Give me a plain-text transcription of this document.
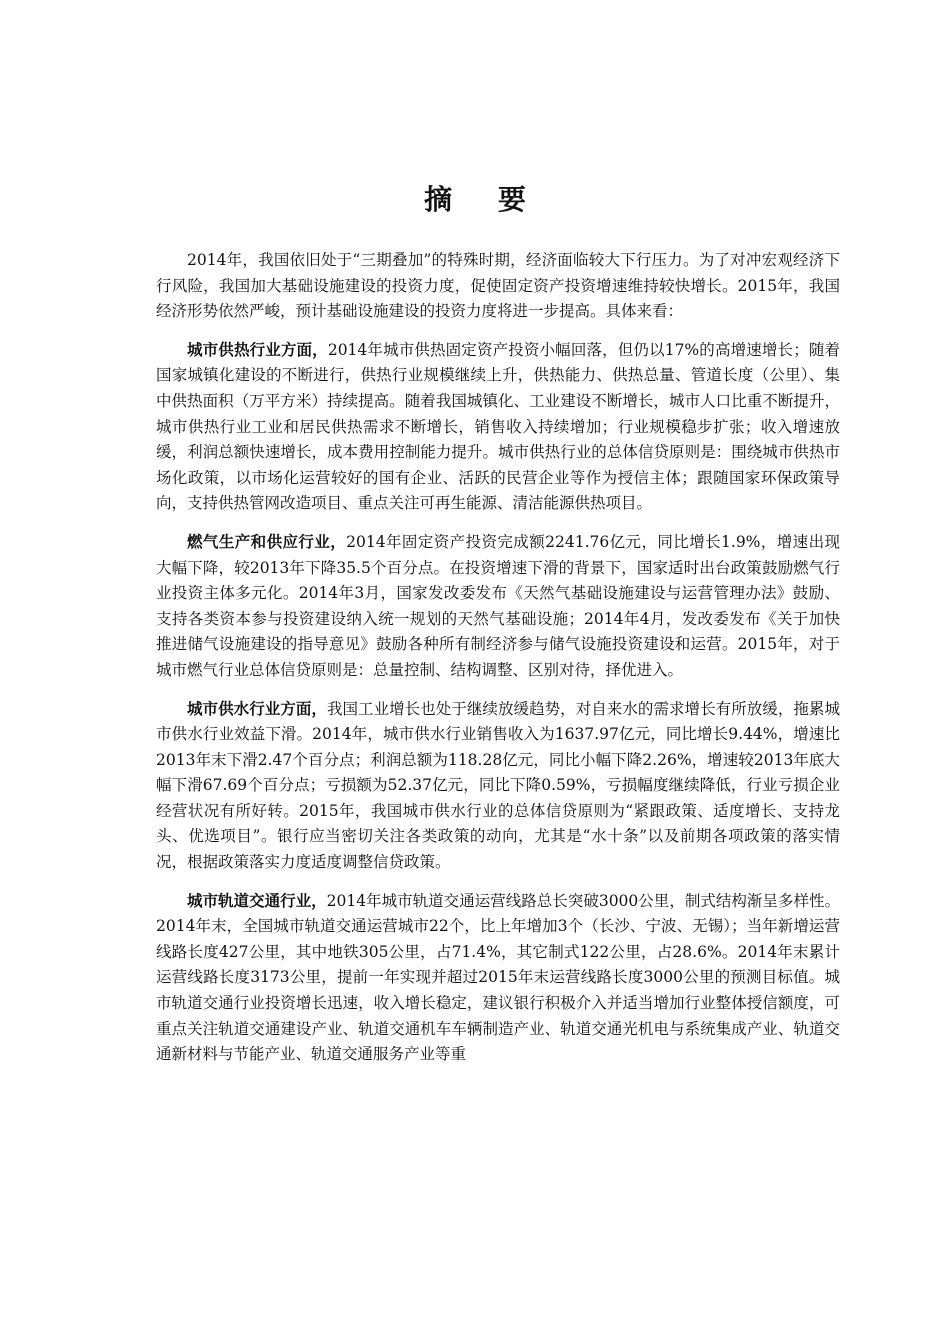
摘 要

2014年，我国依旧处于“三期叠加”的特殊时期，经济面临较大下行压力。为了对冲宏观经济下行风险，我国加大基础设施建设的投资力度，促使固定资产投资增速维持较快增长。2015年，我国经济形势依然严峻，预计基础设施建设的投资力度将进一步提高。具体来看：

城市供热行业方面，2014年城市供热固定资产投资小幅回落，但仍以17%的高增速增长；随着国家城镇化建设的不断进行，供热行业规模继续上升，供热能力、供热总量、管道长度（公里）、集中供热面积（万平方米）持续提高。随着我国城镇化、工业建设不断增长，城市人口比重不断提升，城市供热行业工业和居民供热需求不断增长，销售收入持续增加；行业规模稳步扩张；收入增速放缓，利润总额快速增长，成本费用控制能力提升。城市供热行业的总体信贷原则是：围绕城市供热市场化政策，以市场化运营较好的国有企业、活跃的民营企业等作为授信主体；跟随国家环保政策导向，支持供热管网改造项目、重点关注可再生能源、清洁能源供热项目。

燃气生产和供应行业，2014年固定资产投资完成额2241.76亿元，同比增长1.9%，增速出现大幅下降，较2013年下降35.5个百分点。在投资增速下滑的背景下，国家适时出台政策鼓励燃气行业投资主体多元化。2014年3月，国家发改委发布《天然气基础设施建设与运营管理办法》鼓励、支持各类资本参与投资建设纳入统一规划的天然气基础设施；2014年4月，发改委发布《关于加快推进储气设施建设的指导意见》鼓励各种所有制经济参与储气设施投资建设和运营。2015年，对于城市燃气行业总体信贷原则是：总量控制、结构调整、区别对待，择优进入。

城市供水行业方面，我国工业增长也处于继续放缓趋势，对自来水的需求增长有所放缓，拖累城市供水行业效益下滑。2014年，城市供水行业销售收入为1637.97亿元，同比增长9.44%，增速比2013年末下滑2.47个百分点；利润总额为118.28亿元，同比小幅下降2.26%，增速较2013年底大幅下滑67.69个百分点；亏损额为52.37亿元，同比下降0.59%，亏损幅度继续降低，行业亏损企业经营状况有所好转。2015年，我国城市供水行业的总体信贷原则为“紧跟政策、适度增长、支持龙头、优选项目”。银行应当密切关注各类政策的动向，尤其是“水十条”以及前期各项政策的落实情况，根据政策落实力度适度调整信贷政策。

城市轨道交通行业，2014年城市轨道交通运营线路总长突破3000公里，制式结构渐呈多样性。2014年末，全国城市轨道交通运营城市22个，比上年增加3个（长沙、宁波、无锡）；当年新增运营线路长度427公里，其中地铁305公里，占71.4%，其它制式122公里，占28.6%。2014年末累计运营线路长度3173公里，提前一年实现并超过2015年末运营线路长度3000公里的预测目标值。城市轨道交通行业投资增长迅速，收入增长稳定，建议银行积极介入并适当增加行业整体授信额度，可重点关注轨道交通建设产业、轨道交通机车车辆制造产业、轨道交通光机电与系统集成产业、轨道交通新材料与节能产业、轨道交通服务产业等重
